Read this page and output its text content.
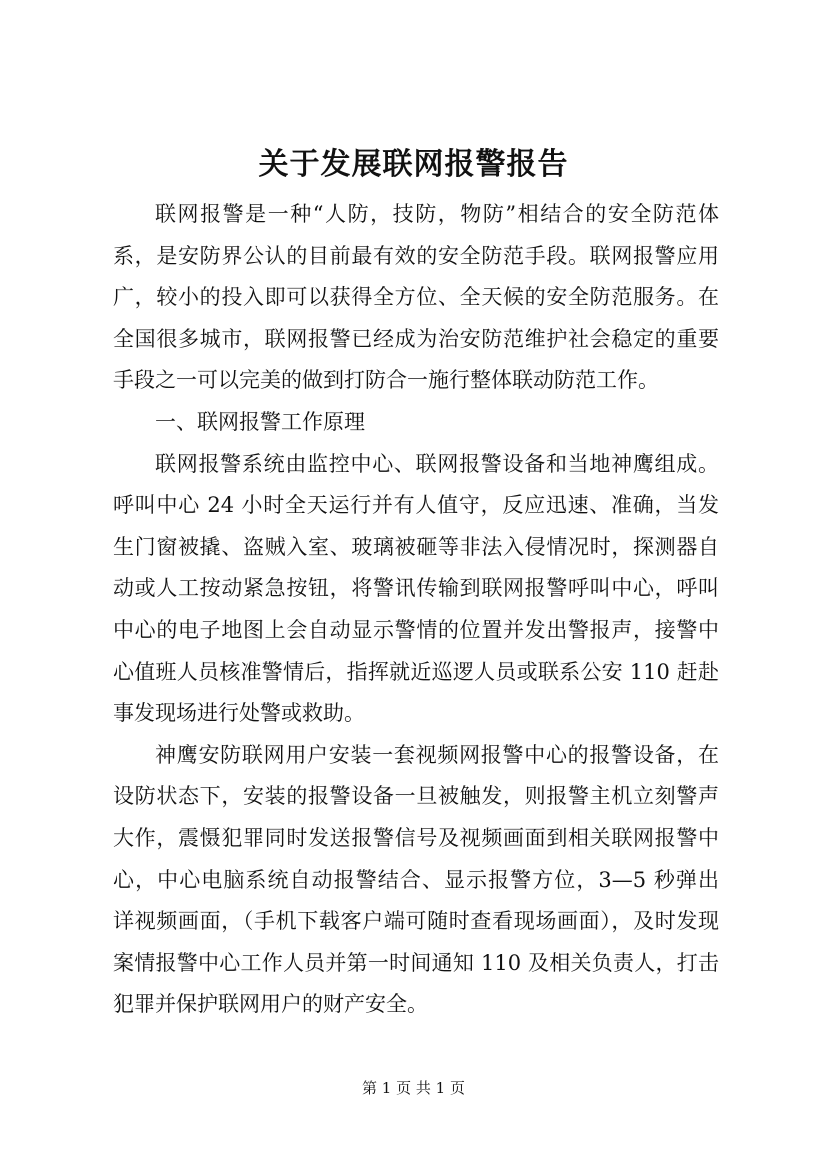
关于发展联网报警报告
联网报警是一种“人防，技防，物防”相结合的安全防范体
系，是安防界公认的目前最有效的安全防范手段。联网报警应用
广，较小的投入即可以获得全方位、全天候的安全防范服务。在
全国很多城市，联网报警已经成为治安防范维护社会稳定的重要
手段之一可以完美的做到打防合一施行整体联动防范工作。
一、联网报警工作原理
联网报警系统由监控中心、联网报警设备和当地神鹰组成。
呼叫中心 24 小时全天运行并有人值守，反应迅速、准确，当发
生门窗被撬、盗贼入室、玻璃被砸等非法入侵情况时，探测器自
动或人工按动紧急按钮，将警讯传输到联网报警呼叫中心，呼叫
中心的电子地图上会自动显示警情的位置并发出警报声，接警中
心值班人员核准警情后，指挥就近巡逻人员或联系公安 110 赶赴
事发现场进行处警或救助。
神鹰安防联网用户安装一套视频网报警中心的报警设备，在
设防状态下，安装的报警设备一旦被触发，则报警主机立刻警声
大作，震慑犯罪同时发送报警信号及视频画面到相关联网报警中
心，中心电脑系统自动报警结合、显示报警方位，3—5 秒弹出
详视频画面，（手机下载客户端可随时查看现场画面），及时发现
案情报警中心工作人员并第一时间通知 110 及相关负责人，打击
犯罪并保护联网用户的财产安全。
第 1 页 共 1 页
